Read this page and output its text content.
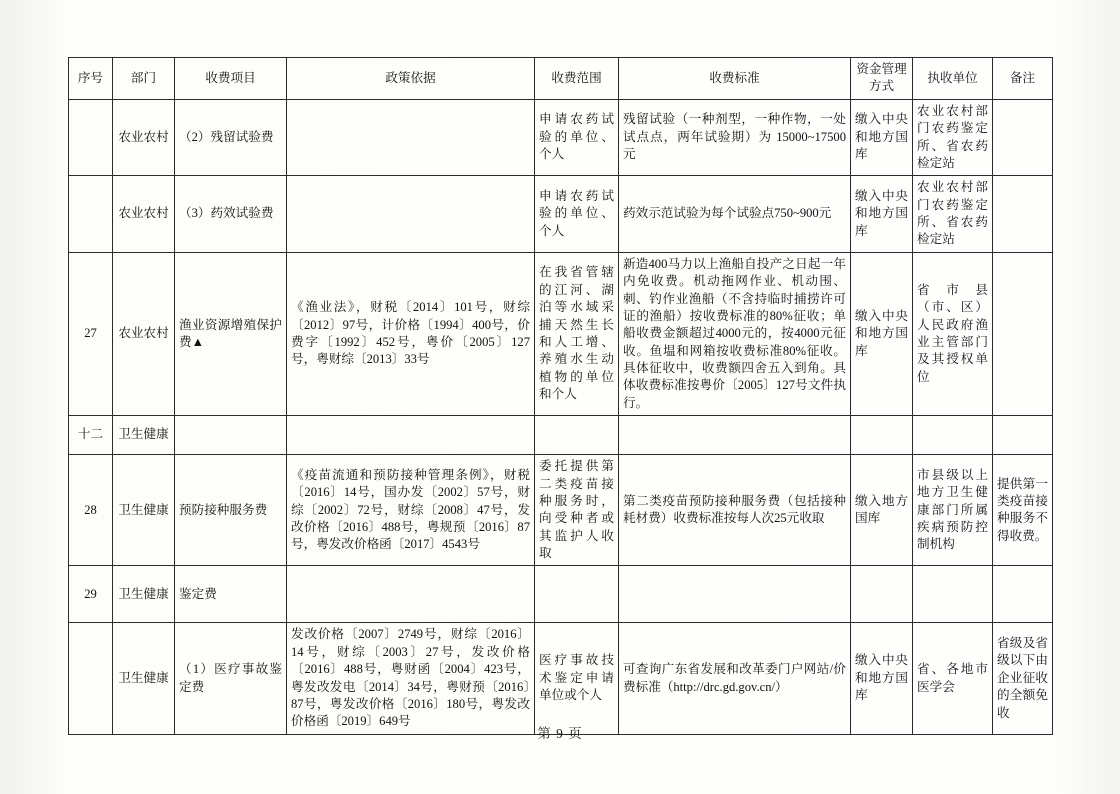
序号	部门	收费项目	政策依据	收费范围	收费标准	资金管理方式	执收单位	备注
	农业农村	（2）残留试验费		申请农药试验的单位、个人	残留试验（一种剂型，一种作物，一处试点点，两年试验期）为 15000~17500元	缴入中央和地方国库	农业农村部门农药鉴定所、省农药检定站	
	农业农村	（3）药效试验费		申请农药试验的单位、个人	药效示范试验为每个试验点750~900元	缴入中央和地方国库	农业农村部门农药鉴定所、省农药检定站	
27	农业农村	渔业资源增殖保护费▲	《渔业法》，财税〔2014〕101号，财综〔2012〕97号，计价格〔1994〕400号，价费字〔1992〕452号，粤价〔2005〕127号，粤财综〔2013〕33号	在我省管辖的江河、湖泊等水域采捕天然生长和人工增、养殖水生动植物的单位和个人	新造400马力以上渔船自投产之日起一年内免收费。机动拖网作业、机动围、刺、钓作业渔船（不含持临时捕捞许可证的渔船）按收费标准的80%征收；单船收费金额超过4000元的，按4000元征收。鱼塭和网箱按收费标准80%征收。具体征收中，收费额四舍五入到角。具体收费标准按粤价〔2005〕127号文件执行。	缴入中央和地方国库	省市县（市、区）人民政府渔业主管部门及其授权单位	
十二	卫生健康							
28	卫生健康	预防接种服务费	《疫苗流通和预防接种管理条例》，财税〔2016〕14号，国办发〔2002〕57号，财综〔2002〕72号，财综〔2008〕47号，发改价格〔2016〕488号，粤规预〔2016〕87号，粤发改价格函〔2017〕4543号	委托提供第二类疫苗接种服务时，向受种者或其监护人收取	第二类疫苗预防接种服务费（包括接种耗材费）收费标准按每人次25元收取	缴入地方国库	市县级以上地方卫生健康部门所属疾病预防控制机构	提供第一类疫苗接种服务不得收费。
29	卫生健康	鉴定费						
	卫生健康	（1）医疗事故鉴定费	发改价格〔2007〕2749号，财综〔2016〕14号，财综〔2003〕27号，发改价格〔2016〕488号，粤财函〔2004〕423号，粤发改发电〔2014〕34号，粤财预〔2016〕87号，粤发改价格〔2016〕180号，粤发改价格函〔2019〕649号	医疗事故技术鉴定申请单位或个人	可查询广东省发展和改革委门户网站/价费标准（http://drc.gd.gov.cn/）	缴入中央和地方国库	省、各地市医学会	省级及省级以下由企业征收的全额免收
第 9 页
